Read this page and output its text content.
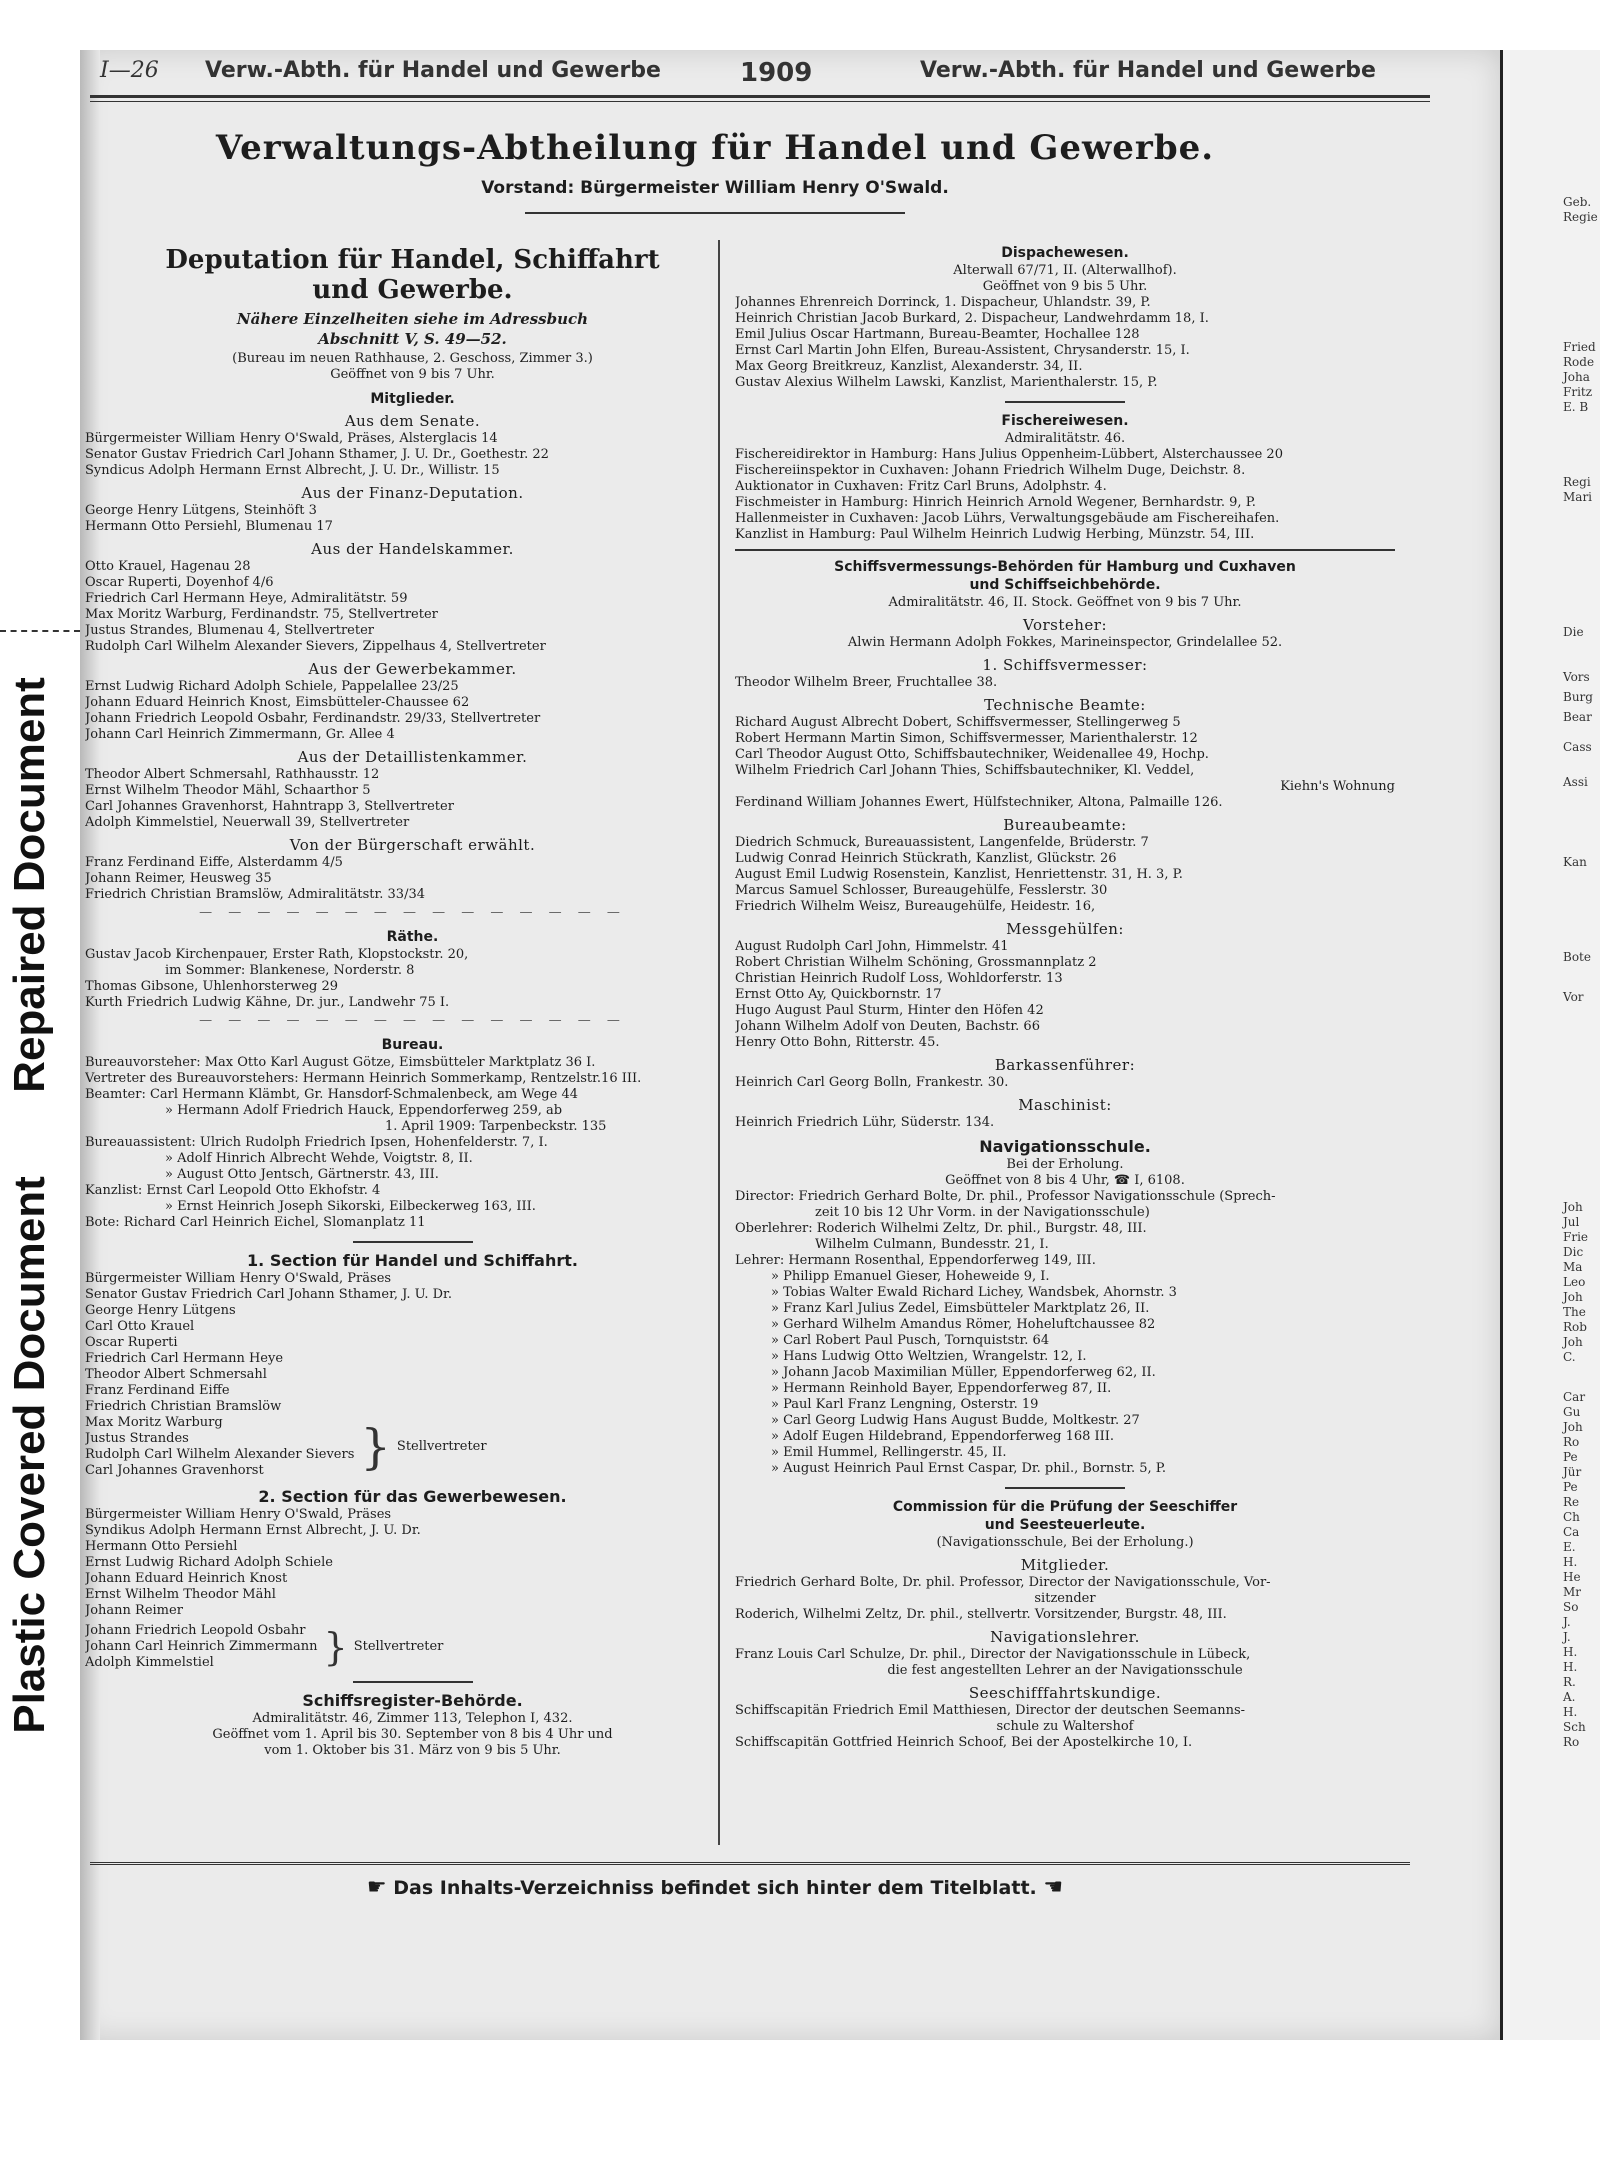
Repaired Document
Plastic Covered Document
I—26 Verw.-Abth. für Handel und Gewerbe	1909	Verw.-Abth. für Handel und Gewerbe
Verwaltungs-Abtheilung für Handel und Gewerbe.
Vorstand: Bürgermeister William Henry O'Swald.
Deputation für Handel, Schiffahrt
und Gewerbe.
Nähere Einzelheiten siehe im Adressbuch
Abschnitt V, S. 49—52.
(Bureau im neuen Rathhause, 2. Geschoss, Zimmer 3.)
Geöffnet von 9 bis 7 Uhr.
Mitglieder.
Aus dem Senate.
Bürgermeister William Henry O'Swald, Präses, Alsterglacis 14
Senator Gustav Friedrich Carl Johann Sthamer, J. U. Dr., Goethestr. 22
Syndicus Adolph Hermann Ernst Albrecht, J. U. Dr., Willistr. 15
Aus der Finanz-Deputation.
George Henry Lütgens, Steinhöft 3
Hermann Otto Persiehl, Blumenau 17
Aus der Handelskammer.
Otto Krauel, Hagenau 28
Oscar Ruperti, Doyenhof 4/6
Friedrich Carl Hermann Heye, Admiralitätstr. 59
Max Moritz Warburg, Ferdinandstr. 75, Stellvertreter
Justus Strandes, Blumenau 4, Stellvertreter
Rudolph Carl Wilhelm Alexander Sievers, Zippelhaus 4, Stellvertreter
Aus der Gewerbekammer.
Ernst Ludwig Richard Adolph Schiele, Pappelallee 23/25
Johann Eduard Heinrich Knost, Eimsbütteler-Chaussee 62
Johann Friedrich Leopold Osbahr, Ferdinandstr. 29/33, Stellvertreter
Johann Carl Heinrich Zimmermann, Gr. Allee 4
Aus der Detaillistenkammer.
Theodor Albert Schmersahl, Rathhausstr. 12
Ernst Wilhelm Theodor Mähl, Schaarthor 5
Carl Johannes Gravenhorst, Hahntrapp 3, Stellvertreter
Adolph Kimmelstiel, Neuerwall 39, Stellvertreter
Von der Bürgerschaft erwählt.
Franz Ferdinand Eiffe, Alsterdamm 4/5
Johann Reimer, Heusweg 35
Friedrich Christian Bramslöw, Admiralitätstr. 33/34
— — — — — — — — — — — — — — —
Räthe.
Gustav Jacob Kirchenpauer, Erster Rath, Klopstockstr. 20,
im Sommer: Blankenese, Norderstr. 8
Thomas Gibsone, Uhlenhorsterweg 29
Kurth Friedrich Ludwig Kähne, Dr. jur., Landwehr 75 I.
— — — — — — — — — — — — — — —
Bureau.
Bureauvorsteher: Max Otto Karl August Götze, Eimsbütteler Marktplatz 36 I.
Vertreter des Bureauvorstehers: Hermann Heinrich Sommerkamp, Rentzelstr.16 III.
Beamter: Carl Hermann Klämbt, Gr. Hansdorf-Schmalenbeck, am Wege 44
» Hermann Adolf Friedrich Hauck, Eppendorferweg 259, ab
1. April 1909: Tarpenbeckstr. 135
Bureauassistent: Ulrich Rudolph Friedrich Ipsen, Hohenfelderstr. 7, I.
» Adolf Hinrich Albrecht Wehde, Voigtstr. 8, II.
» August Otto Jentsch, Gärtnerstr. 43, III.
Kanzlist: Ernst Carl Leopold Otto Ekhofstr. 4
» Ernst Heinrich Joseph Sikorski, Eilbeckerweg 163, III.
Bote: Richard Carl Heinrich Eichel, Slomanplatz 11
1. Section für Handel und Schiffahrt.
Bürgermeister William Henry O'Swald, Präses
Senator Gustav Friedrich Carl Johann Sthamer, J. U. Dr.
George Henry Lütgens
Carl Otto Krauel
Oscar Ruperti
Friedrich Carl Hermann Heye
Theodor Albert Schmersahl
Franz Ferdinand Eiffe
Friedrich Christian Bramslöw
Max Moritz Warburg
Justus Strandes
Rudolph Carl Wilhelm Alexander Sievers
Carl Johannes Gravenhorst	} Stellvertreter
2. Section für das Gewerbewesen.
Bürgermeister William Henry O'Swald, Präses
Syndikus Adolph Hermann Ernst Albrecht, J. U. Dr.
Hermann Otto Persiehl
Ernst Ludwig Richard Adolph Schiele
Johann Eduard Heinrich Knost
Ernst Wilhelm Theodor Mähl
Johann Reimer
Johann Friedrich Leopold Osbahr
Johann Carl Heinrich Zimmermann
Adolph Kimmelstiel	} Stellvertreter
Schiffsregister-Behörde.
Admiralitätstr. 46, Zimmer 113, Telephon I, 432.
Geöffnet vom 1. April bis 30. September von 8 bis 4 Uhr und
vom 1. Oktober bis 31. März von 9 bis 5 Uhr.
Dispachewesen.
Alterwall 67/71, II. (Alterwallhof).
Geöffnet von 9 bis 5 Uhr.
Johannes Ehrenreich Dorrinck, 1. Dispacheur, Uhlandstr. 39, P.
Heinrich Christian Jacob Burkard, 2. Dispacheur, Landwehrdamm 18, I.
Emil Julius Oscar Hartmann, Bureau-Beamter, Hochallee 128
Ernst Carl Martin John Elfen, Bureau-Assistent, Chrysanderstr. 15, I.
Max Georg Breitkreuz, Kanzlist, Alexanderstr. 34, II.
Gustav Alexius Wilhelm Lawski, Kanzlist, Marienthalerstr. 15, P.
Fischereiwesen.
Admiralitätstr. 46.
Fischereidirektor in Hamburg: Hans Julius Oppenheim-Lübbert, Alsterchaussee 20
Fischereiinspektor in Cuxhaven: Johann Friedrich Wilhelm Duge, Deichstr. 8.
Auktionator in Cuxhaven: Fritz Carl Bruns, Adolphstr. 4.
Fischmeister in Hamburg: Hinrich Heinrich Arnold Wegener, Bernhardstr. 9, P.
Hallenmeister in Cuxhaven: Jacob Lührs, Verwaltungsgebäude am Fischereihafen.
Kanzlist in Hamburg: Paul Wilhelm Heinrich Ludwig Herbing, Münzstr. 54, III.
Schiffsvermessungs-Behörden für Hamburg und Cuxhaven
und Schiffseichbehörde.
Admiralitätstr. 46, II. Stock. Geöffnet von 9 bis 7 Uhr.
Vorsteher:
Alwin Hermann Adolph Fokkes, Marineinspector, Grindelallee 52.
1. Schiffsvermesser:
Theodor Wilhelm Breer, Fruchtallee 38.
Technische Beamte:
Richard August Albrecht Dobert, Schiffsvermesser, Stellingerweg 5
Robert Hermann Martin Simon, Schiffsvermesser, Marienthalerstr. 12
Carl Theodor August Otto, Schiffsbautechniker, Weidenallee 49, Hochp.
Wilhelm Friedrich Carl Johann Thies, Schiffsbautechniker, Kl. Veddel,
Kiehn's Wohnung
Ferdinand William Johannes Ewert, Hülfstechniker, Altona, Palmaille 126.
Bureaubeamte:
Diedrich Schmuck, Bureauassistent, Langenfelde, Brüderstr. 7
Ludwig Conrad Heinrich Stückrath, Kanzlist, Glückstr. 26
August Emil Ludwig Rosenstein, Kanzlist, Henriettenstr. 31, H. 3, P.
Marcus Samuel Schlosser, Bureaugehülfe, Fesslerstr. 30
Friedrich Wilhelm Weisz, Bureaugehülfe, Heidestr. 16,
Messgehülfen:
August Rudolph Carl John, Himmelstr. 41
Robert Christian Wilhelm Schöning, Grossmannplatz 2
Christian Heinrich Rudolf Loss, Wohldorferstr. 13
Ernst Otto Ay, Quickbornstr. 17
Hugo August Paul Sturm, Hinter den Höfen 42
Johann Wilhelm Adolf von Deuten, Bachstr. 66
Henry Otto Bohn, Ritterstr. 45.
Barkassenführer:
Heinrich Carl Georg Bolln, Frankestr. 30.
Maschinist:
Heinrich Friedrich Lühr, Süderstr. 134.
Navigationsschule.
Bei der Erholung.
Geöffnet von 8 bis 4 Uhr, ☎ I, 6108.
Director: Friedrich Gerhard Bolte, Dr. phil., Professor Navigationsschule (Sprech-
zeit 10 bis 12 Uhr Vorm. in der Navigationsschule)
Oberlehrer: Roderich Wilhelmi Zeltz, Dr. phil., Burgstr. 48, III.
Wilhelm Culmann, Bundesstr. 21, I.
Lehrer: Hermann Rosenthal, Eppendorferweg 149, III.
» Philipp Emanuel Gieser, Hoheweide 9, I.
» Tobias Walter Ewald Richard Lichey, Wandsbek, Ahornstr. 3
» Franz Karl Julius Zedel, Eimsbütteler Marktplatz 26, II.
» Gerhard Wilhelm Amandus Römer, Hoheluftchaussee 82
» Carl Robert Paul Pusch, Tornquiststr. 64
» Hans Ludwig Otto Weltzien, Wrangelstr. 12, I.
» Johann Jacob Maximilian Müller, Eppendorferweg 62, II.
» Hermann Reinhold Bayer, Eppendorferweg 87, II.
» Paul Karl Franz Lengning, Osterstr. 19
» Carl Georg Ludwig Hans August Budde, Moltkestr. 27
» Adolf Eugen Hildebrand, Eppendorferweg 168 III.
» Emil Hummel, Rellingerstr. 45, II.
» August Heinrich Paul Ernst Caspar, Dr. phil., Bornstr. 5, P.
Commission für die Prüfung der Seeschiffer
und Seesteuerleute.
(Navigationsschule, Bei der Erholung.)
Mitglieder.
Friedrich Gerhard Bolte, Dr. phil. Professor, Director der Navigationsschule, Vor-
sitzender
Roderich, Wilhelmi Zeltz, Dr. phil., stellvertr. Vorsitzender, Burgstr. 48, III.
Navigationslehrer.
Franz Louis Carl Schulze, Dr. phil., Director der Navigationsschule in Lübeck,
die fest angestellten Lehrer an der Navigationsschule
Seeschifffahrtskundige.
Schiffscapitän Friedrich Emil Matthiesen, Director der deutschen Seemanns-
schule zu Waltershof
Schiffscapitän Gottfried Heinrich Schoof, Bei der Apostelkirche 10, I.
☛ Das Inhalts-Verzeichniss befindet sich hinter dem Titelblatt. ☚
Geb.
Regie
Fried
Rode
Joha
Fritz
E. B
Regi
Mari
Die
Vors
Burg
Bear
Cass
Assi
Kan
Bote
Vor
Joh
Jul
Frie
Dic
Ma
Leo
Joh
The
Rob
Joh
C.
Car
Gu
Joh
Ro
Pe
Jür
Pe
Re
Ch
Ca
E.
H.
He
Mr
So
J.
J.
H.
H.
R.
A.
H.
Sch
Ro
